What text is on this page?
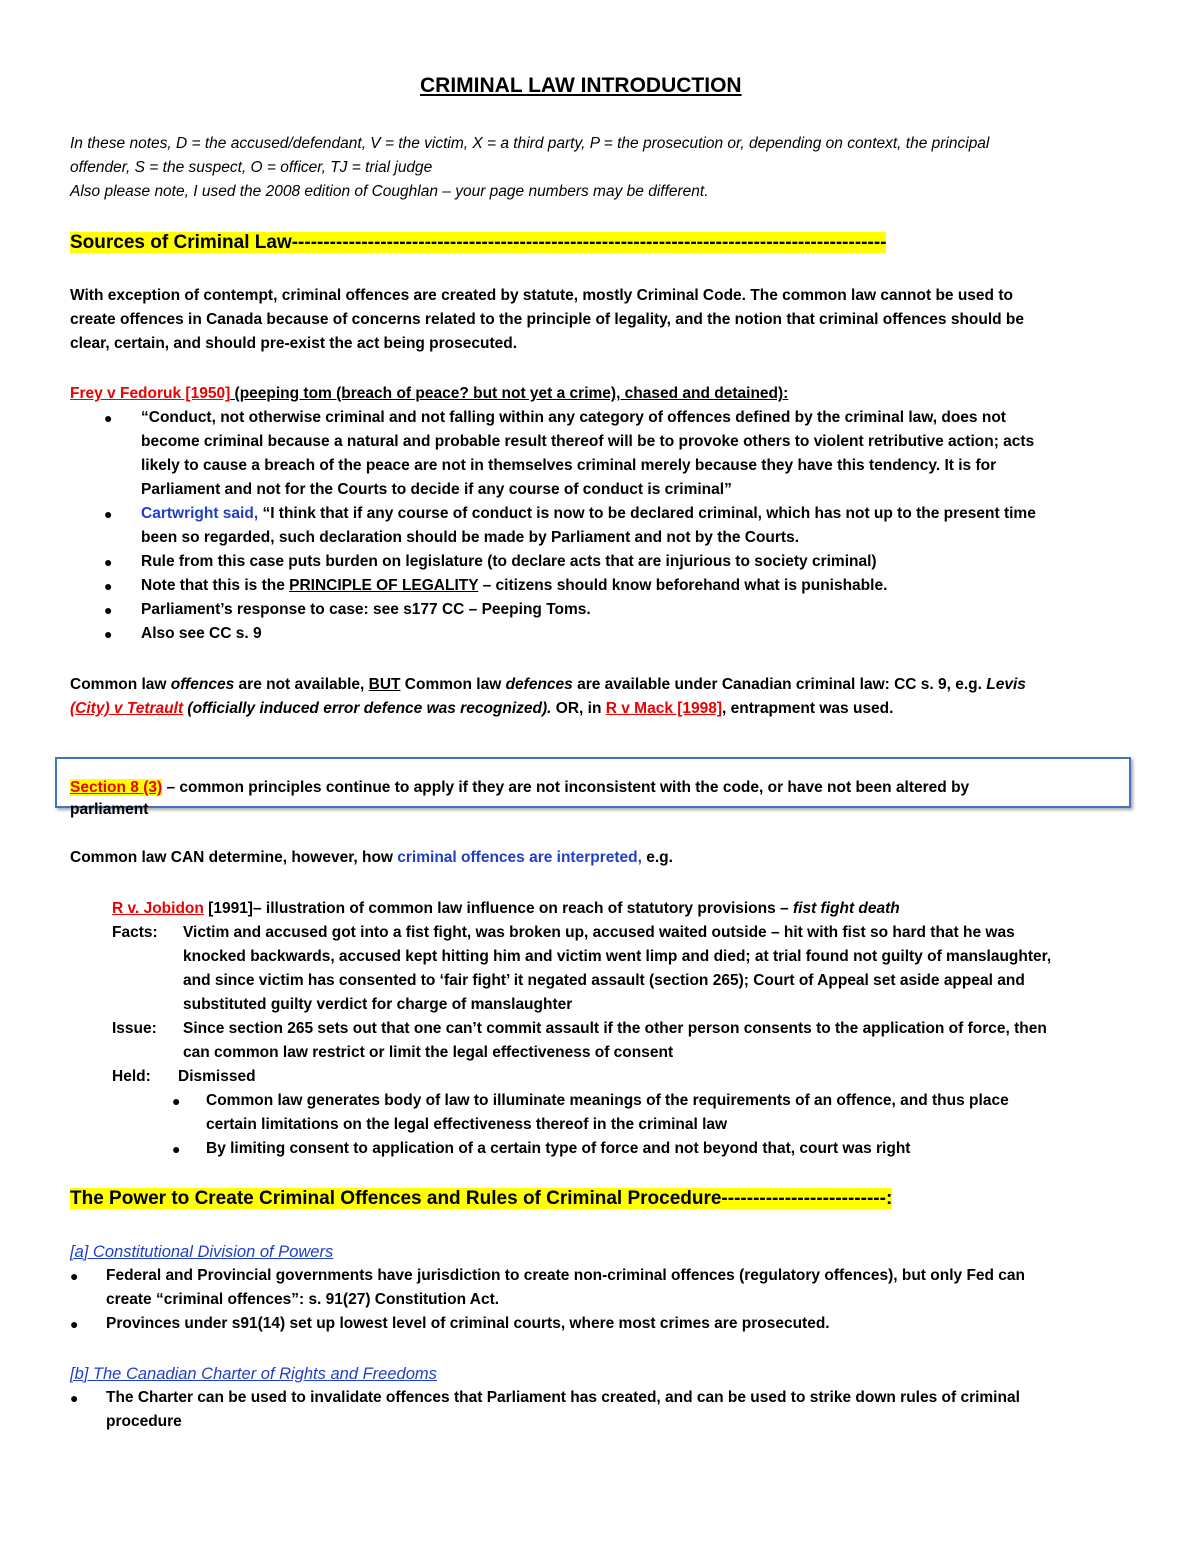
CRIMINAL LAW INTRODUCTION
In these notes, D = the accused/defendant, V = the victim, X = a third party, P = the prosecution or, depending on context, the principal
offender, S = the suspect, O = officer, TJ = trial judge
Also please note, I used the 2008 edition of Coughlan – your page numbers may be different.
Sources of Criminal Law----------------------------------------------------------------------------------------------
With exception of contempt, criminal offences are created by statute, mostly Criminal Code. The common law cannot be used to
create offences in Canada because of concerns related to the principle of legality, and the notion that criminal offences should be
clear, certain, and should pre-exist the act being prosecuted.
Frey v Fedoruk [1950] (peeping tom (breach of peace? but not yet a crime), chased and detained):
● “Conduct, not otherwise criminal and not falling within any category of offences defined by the criminal law, does not
become criminal because a natural and probable result thereof will be to provoke others to violent retributive action; acts
likely to cause a breach of the peace are not in themselves criminal merely because they have this tendency. It is for
Parliament and not for the Courts to decide if any course of conduct is criminal”
● Cartwright said, “I think that if any course of conduct is now to be declared criminal, which has not up to the present time
been so regarded, such declaration should be made by Parliament and not by the Courts.
● Rule from this case puts burden on legislature (to declare acts that are injurious to society criminal)
● Note that this is the PRINCIPLE OF LEGALITY – citizens should know beforehand what is punishable.
● Parliament’s response to case: see s177 CC – Peeping Toms.
● Also see CC s. 9
Common law offences are not available, BUT Common law defences are available under Canadian criminal law: CC s. 9, e.g. Levis
(City) v Tetrault (officially induced error defence was recognized). OR, in R v Mack [1998], entrapment was used.
Section 8 (3) – common principles continue to apply if they are not inconsistent with the code, or have not been altered by
parliament
Common law CAN determine, however, how criminal offences are interpreted, e.g.
R v. Jobidon [1991]– illustration of common law influence on reach of statutory provisions – fist fight death
Facts: Victim and accused got into a fist fight, was broken up, accused waited outside – hit with fist so hard that he was
knocked backwards, accused kept hitting him and victim went limp and died; at trial found not guilty of manslaughter,
and since victim has consented to ‘fair fight’ it negated assault (section 265); Court of Appeal set aside appeal and
substituted guilty verdict for charge of manslaughter
Issue: Since section 265 sets out that one can’t commit assault if the other person consents to the application of force, then
can common law restrict or limit the legal effectiveness of consent
Held: Dismissed
● Common law generates body of law to illuminate meanings of the requirements of an offence, and thus place
certain limitations on the legal effectiveness thereof in the criminal law
● By limiting consent to application of a certain type of force and not beyond that, court was right
The Power to Create Criminal Offences and Rules of Criminal Procedure--------------------------:
[a] Constitutional Division of Powers
● Federal and Provincial governments have jurisdiction to create non-criminal offences (regulatory offences), but only Fed can
create “criminal offences”: s. 91(27) Constitution Act.
● Provinces under s91(14) set up lowest level of criminal courts, where most crimes are prosecuted.
[b] The Canadian Charter of Rights and Freedoms
● The Charter can be used to invalidate offences that Parliament has created, and can be used to strike down rules of criminal
procedure
